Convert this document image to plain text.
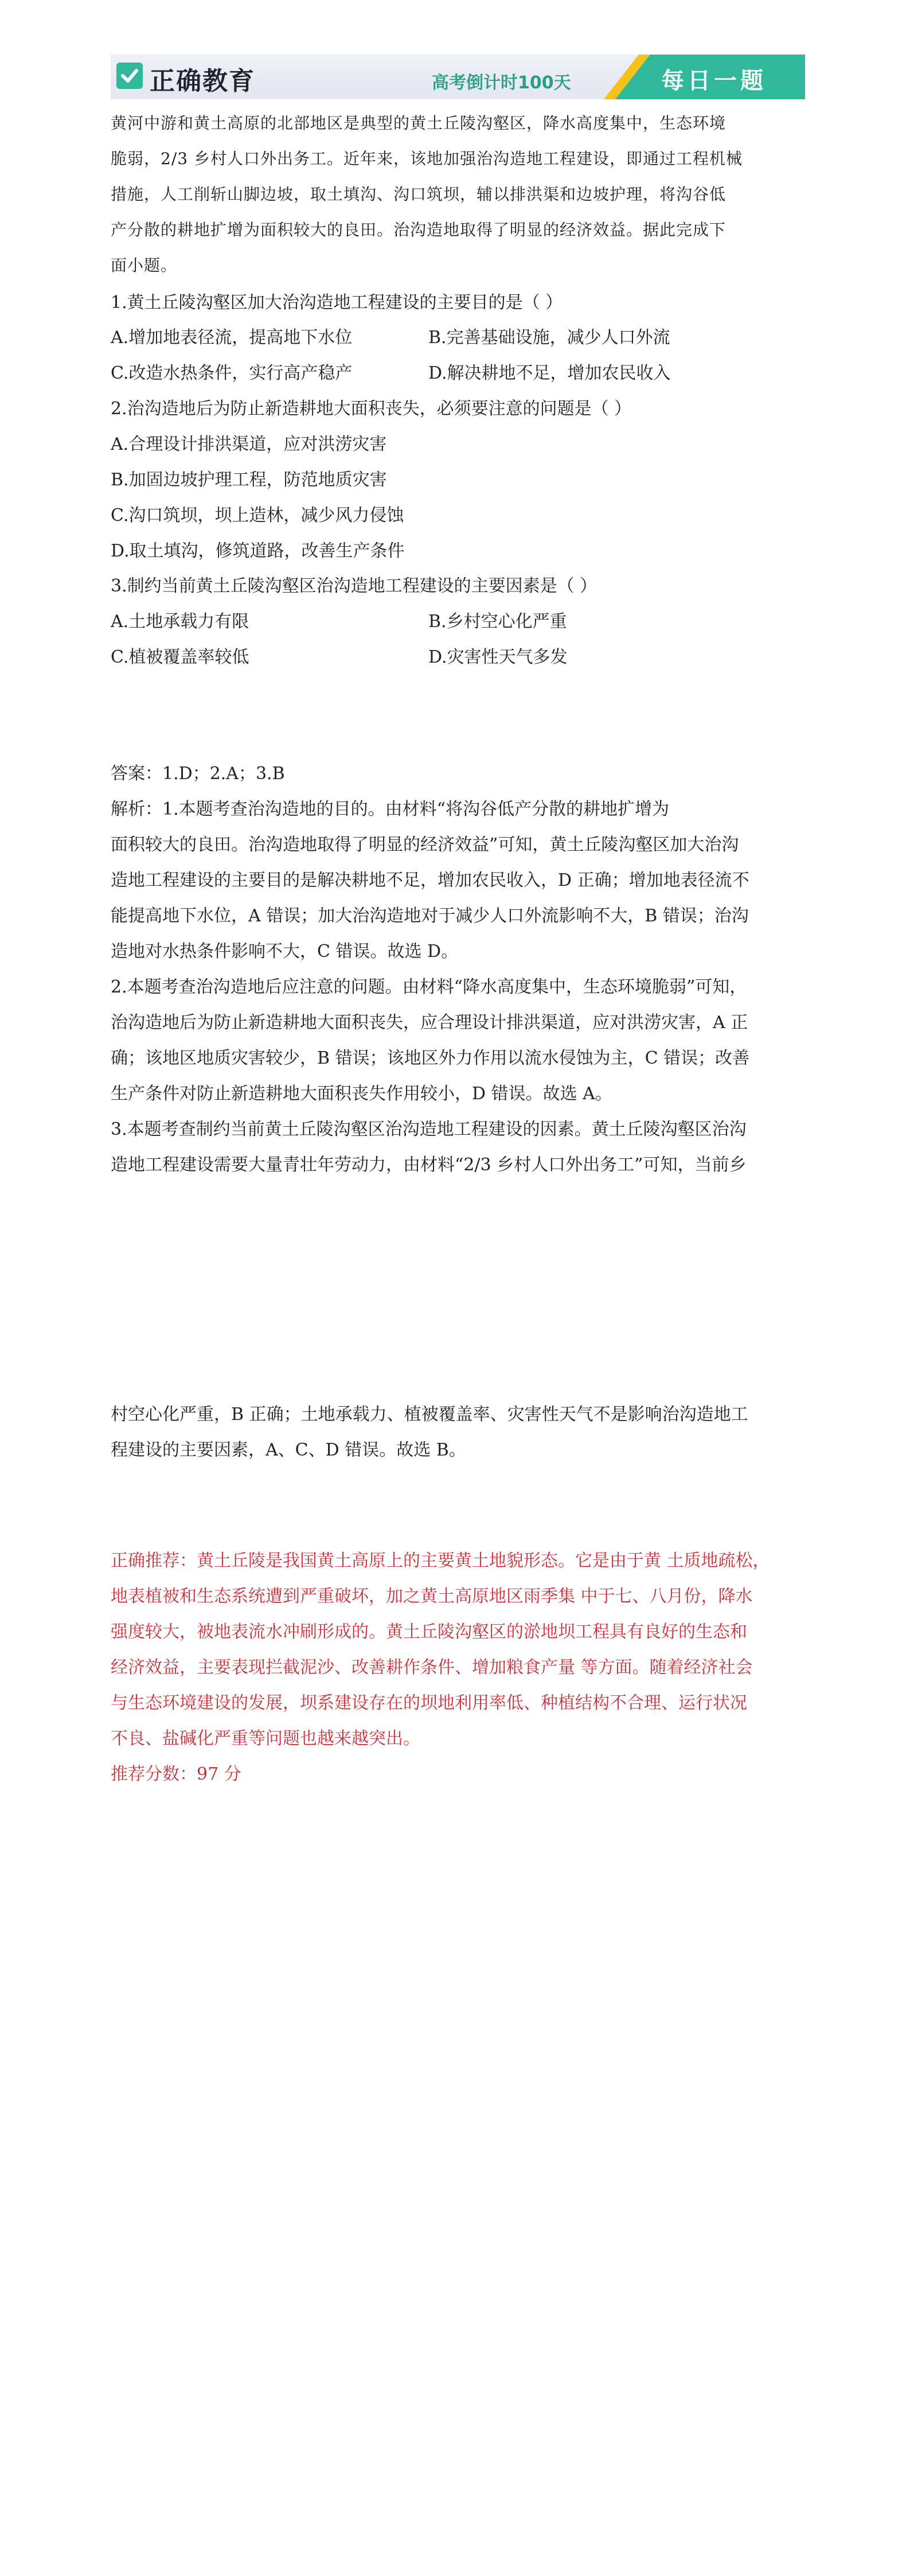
正确教育	高考倒计时100天	每日一题
黄河中游和黄土高原的北部地区是典型的黄土丘陵沟壑区，降水高度集中，生态环境
脆弱，2/3 乡村人口外出务工。近年来，该地加强治沟造地工程建设，即通过工程机械
措施，人工削斩山脚边坡，取土填沟、沟口筑坝，辅以排洪渠和边坡护理，将沟谷低
产分散的耕地扩增为面积较大的良田。治沟造地取得了明显的经济效益。据此完成下
面小题。
1.黄土丘陵沟壑区加大治沟造地工程建设的主要目的是（ ）
A.增加地表径流，提高地下水位	B.完善基础设施，减少人口外流
C.改造水热条件，实行高产稳产	D.解决耕地不足，增加农民收入
2.治沟造地后为防止新造耕地大面积丧失，必须要注意的问题是（ ）
A.合理设计排洪渠道，应对洪涝灾害
B.加固边坡护理工程，防范地质灾害
C.沟口筑坝，坝上造林，减少风力侵蚀
D.取土填沟，修筑道路，改善生产条件
3.制约当前黄土丘陵沟壑区治沟造地工程建设的主要因素是（ ）
A.土地承载力有限	B.乡村空心化严重
C.植被覆盖率较低	D.灾害性天气多发
答案：1.D；2.A；3.B
解析：1.本题考查治沟造地的目的。由材料“将沟谷低产分散的耕地扩增为
面积较大的良田。治沟造地取得了明显的经济效益”可知，黄土丘陵沟壑区加大治沟
造地工程建设的主要目的是解决耕地不足，增加农民收入，D 正确；增加地表径流不
能提高地下水位，A 错误；加大治沟造地对于减少人口外流影响不大，B 错误；治沟
造地对水热条件影响不大，C 错误。故选 D。
2.本题考查治沟造地后应注意的问题。由材料“降水高度集中，生态环境脆弱”可知，
治沟造地后为防止新造耕地大面积丧失，应合理设计排洪渠道，应对洪涝灾害，A 正
确；该地区地质灾害较少，B 错误；该地区外力作用以流水侵蚀为主，C 错误；改善
生产条件对防止新造耕地大面积丧失作用较小，D 错误。故选 A。
3.本题考查制约当前黄土丘陵沟壑区治沟造地工程建设的因素。黄土丘陵沟壑区治沟
造地工程建设需要大量青壮年劳动力，由材料“2/3 乡村人口外出务工”可知，当前乡
村空心化严重，B 正确；土地承载力、植被覆盖率、灾害性天气不是影响治沟造地工
程建设的主要因素，A、C、D 错误。故选 B。
正确推荐：黄土丘陵是我国黄土高原上的主要黄土地貌形态。它是由于黄 土质地疏松，
地表植被和生态系统遭到严重破坏，加之黄土高原地区雨季集 中于七、八月份，降水
强度较大，被地表流水冲刷形成的。黄土丘陵沟壑区的淤地坝工程具有良好的生态和
经济效益，主要表现拦截泥沙、改善耕作条件、增加粮食产量 等方面。随着经济社会
与生态环境建设的发展，坝系建设存在的坝地利用率低、种植结构不合理、运行状况
不良、盐碱化严重等问题也越来越突出。
推荐分数：97 分
